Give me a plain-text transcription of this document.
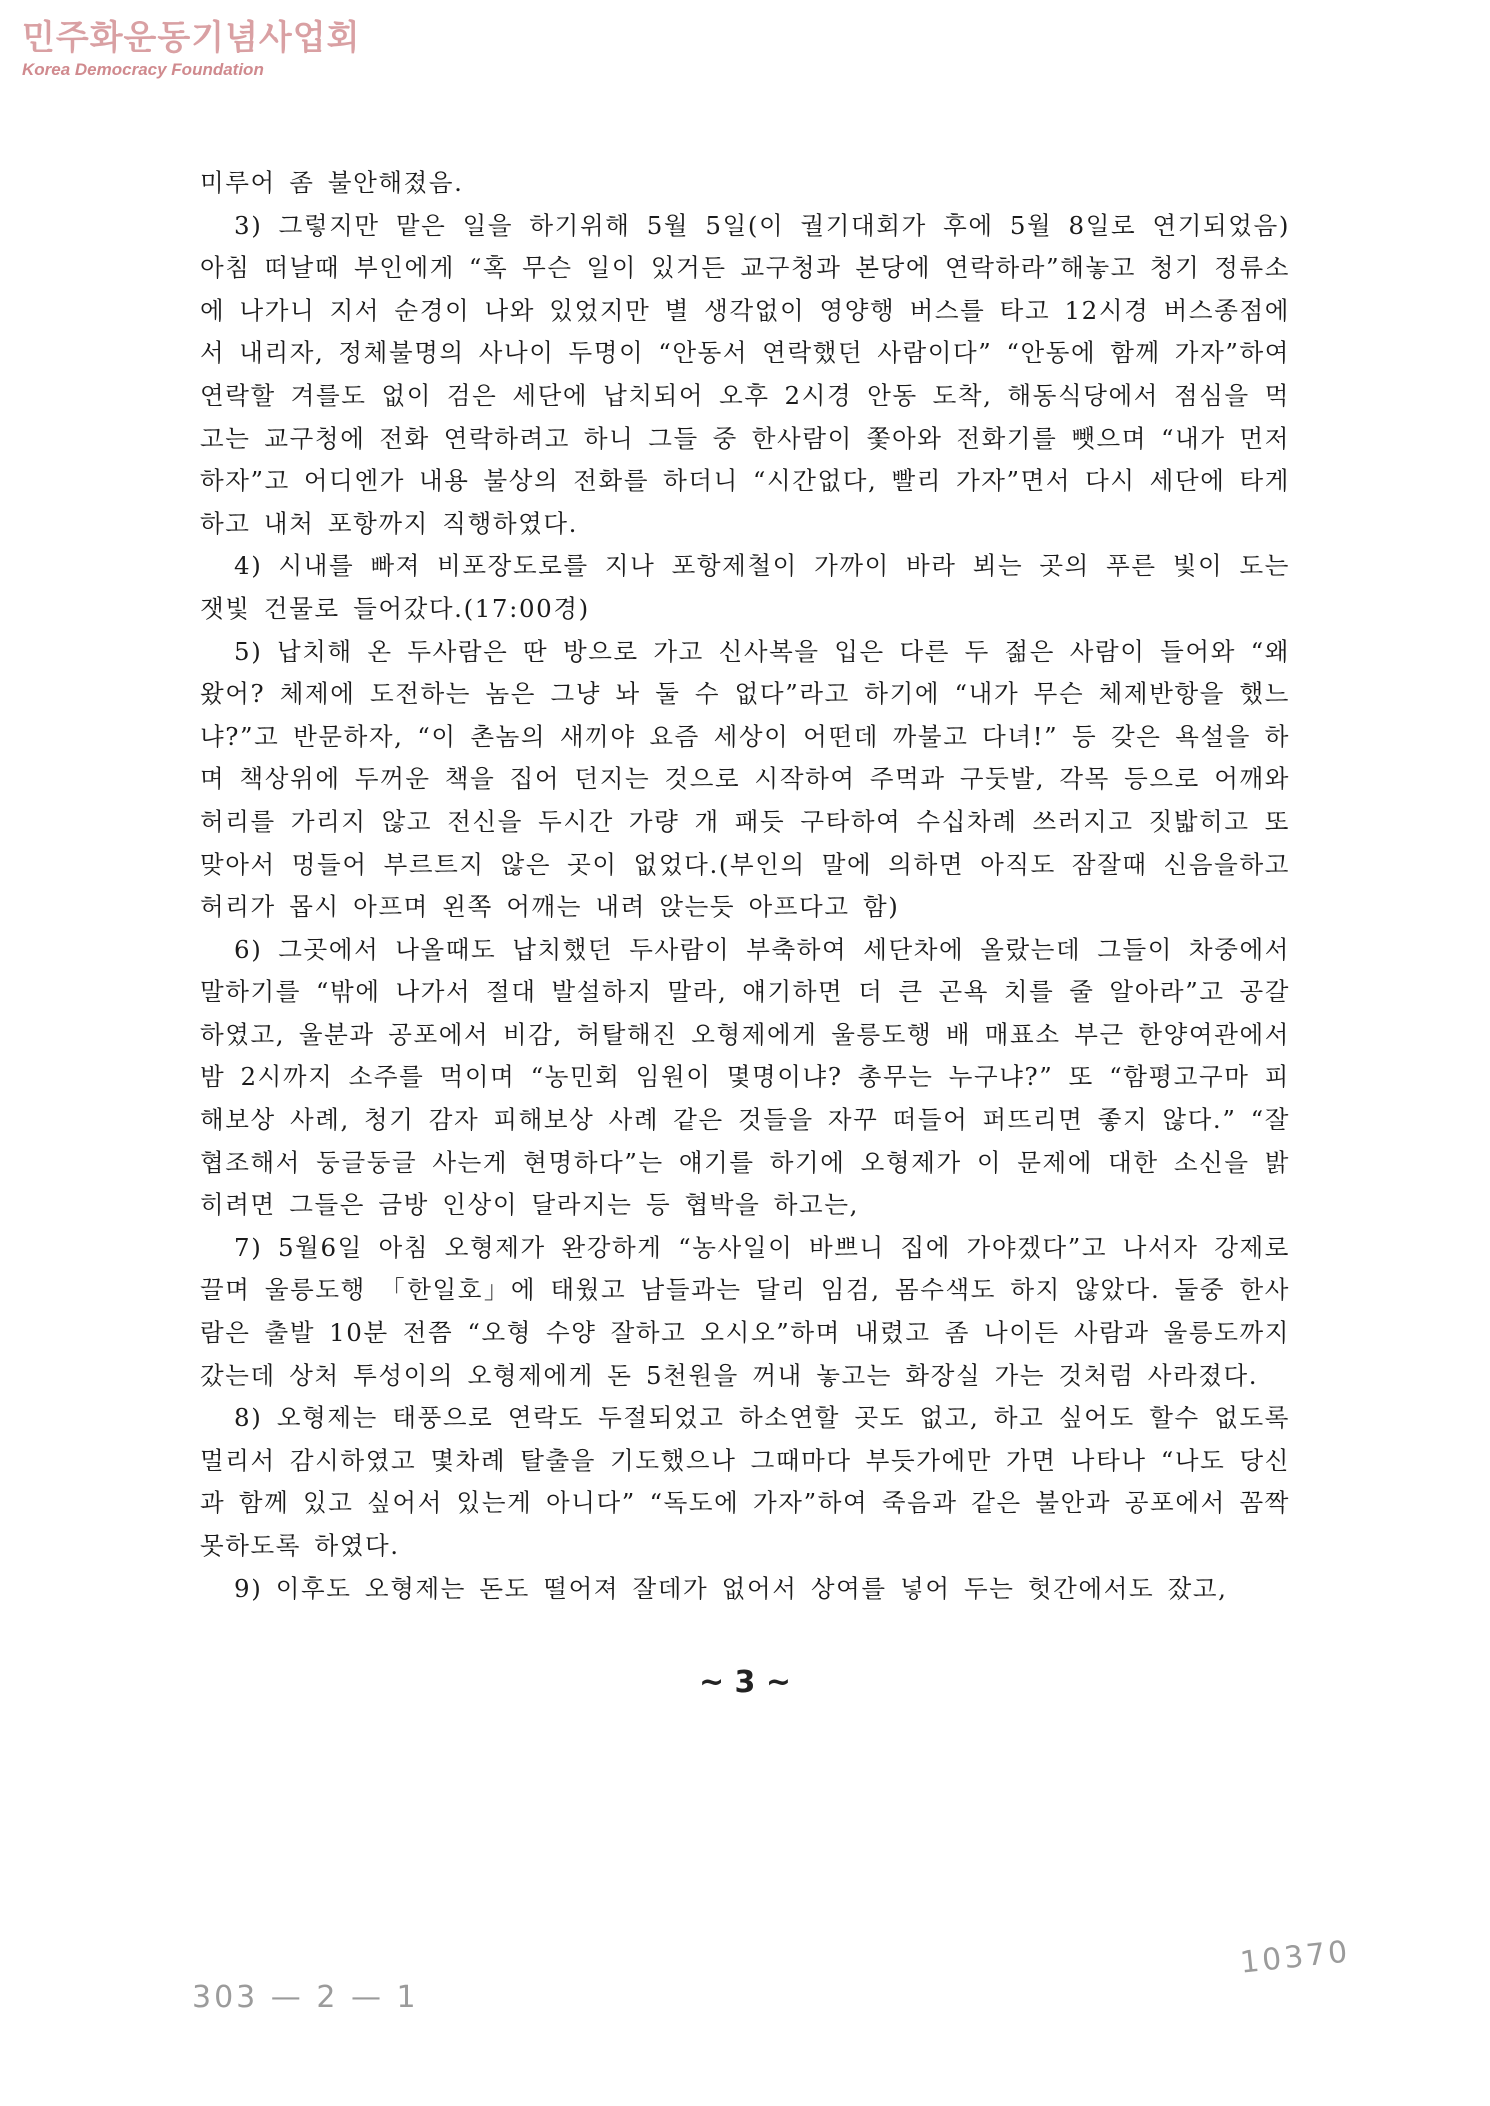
민주화운동기념사업회
Korea Democracy Foundation

미루어 좀 불안해졌음.

3) 그렇지만 맡은 일을 하기위해 5월 5일(이 궐기대회가 후에 5월 8일로 연기되었음) 아침 떠날때 부인에게 “혹 무슨 일이 있거든 교구청과 본당에 연락하라”해놓고 청기 정류소에 나가니 지서 순경이 나와 있었지만 별 생각없이 영양행 버스를 타고 12시경 버스종점에서 내리자, 정체불명의 사나이 두명이 “안동서 연락했던 사람이다” “안동에 함께 가자”하여 연락할 겨를도 없이 검은 세단에 납치되어 오후 2시경 안동 도착, 해동식당에서 점심을 먹고는 교구청에 전화 연락하려고 하니 그들 중 한사람이 쫓아와 전화기를 뺏으며 “내가 먼저 하자”고 어디엔가 내용 불상의 전화를 하더니 “시간없다, 빨리 가자”면서 다시 세단에 타게하고 내처 포항까지 직행하였다.

4) 시내를 빠져 비포장도로를 지나 포항제철이 가까이 바라 뵈는 곳의 푸른 빛이 도는 잿빛 건물로 들어갔다.(17:00경)

5) 납치해 온 두사람은 딴 방으로 가고 신사복을 입은 다른 두 젊은 사람이 들어와 “왜 왔어? 체제에 도전하는 놈은 그냥 놔 둘 수 없다”라고 하기에 “내가 무슨 체제반항을 했느냐?”고 반문하자, “이 촌놈의 새끼야 요즘 세상이 어떤데 까불고 다녀!” 등 갖은 욕설을 하며 책상위에 두꺼운 책을 집어 던지는 것으로 시작하여 주먹과 구둣발, 각목 등으로 어깨와 허리를 가리지 않고 전신을 두시간 가량 개 패듯 구타하여 수십차례 쓰러지고 짓밟히고 또 맞아서 멍들어 부르트지 않은 곳이 없었다.(부인의 말에 의하면 아직도 잠잘때 신음을하고 허리가 몹시 아프며 왼쪽 어깨는 내려 앉는듯 아프다고 함)

6) 그곳에서 나올때도 납치했던 두사람이 부축하여 세단차에 올랐는데 그들이 차중에서 말하기를 “밖에 나가서 절대 발설하지 말라, 얘기하면 더 큰 곤욕 치를 줄 알아라”고 공갈하였고, 울분과 공포에서 비감, 허탈해진 오형제에게 울릉도행 배 매표소 부근 한양여관에서 밤 2시까지 소주를 먹이며 “농민회 임원이 몇명이냐? 총무는 누구냐?” 또 “함평고구마 피해보상 사례, 청기 감자 피해보상 사례 같은 것들을 자꾸 떠들어 퍼뜨리면 좋지 않다.” “잘 협조해서 둥글둥글 사는게 현명하다”는 얘기를 하기에 오형제가 이 문제에 대한 소신을 밝히려면 그들은 금방 인상이 달라지는 등 협박을 하고는,

7) 5월6일 아침 오형제가 완강하게 “농사일이 바쁘니 집에 가야겠다”고 나서자 강제로 끌며 울릉도행 「한일호」에 태웠고 남들과는 달리 임검, 몸수색도 하지 않았다. 둘중 한사람은 출발 10분 전쯤 “오형 수양 잘하고 오시오”하며 내렸고 좀 나이든 사람과 울릉도까지 갔는데 상처 투성이의 오형제에게 돈 5천원을 꺼내 놓고는 화장실 가는 것처럼 사라졌다.

8) 오형제는 태풍으로 연락도 두절되었고 하소연할 곳도 없고, 하고 싶어도 할수 없도록 멀리서 감시하였고 몇차례 탈출을 기도했으나 그때마다 부듯가에만 가면 나타나 “나도 당신과 함께 있고 싶어서 있는게 아니다” “독도에 가자”하여 죽음과 같은 불안과 공포에서 꼼짝 못하도록 하였다.

9) 이후도 오형제는 돈도 떨어져 잘데가 없어서 상여를 넣어 두는 헛간에서도 잤고,

~ 3 ~
303 — 2 — 1
10370
